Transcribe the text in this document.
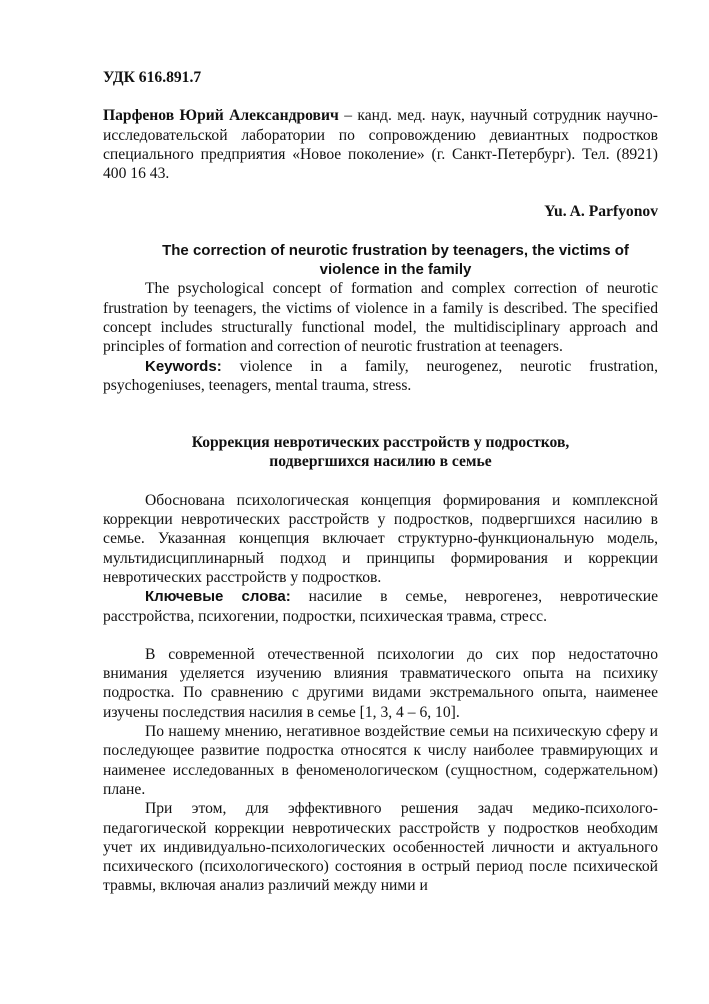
УДК 616.891.7

Парфенов Юрий Александрович – канд. мед. наук, научный сотрудник научно-исследовательской лаборатории по сопровождению девиантных подростков специального предприятия «Новое поколение» (г. Санкт-Петербург). Тел. (8921) 400 16 43.

Yu. A. Parfyonov

The correction of neurotic frustration by teenagers, the victims of
violence in the family

The psychological concept of formation and complex correction of neurotic frustration by teenagers, the victims of violence in a family is described. The specified concept includes structurally functional model, the multidisciplinary approach and principles of formation and correction of neurotic frustration at teenagers.

Keywords: violence in a family, neurogenez, neurotic frustration, psychogeniuses, teenagers, mental trauma, stress.

Коррекция невротических расстройств у подростков,
подвергшихся насилию в семье

Обоснована психологическая концепция формирования и комплексной коррекции невротических расстройств у подростков, подвергшихся насилию в семье. Указанная концепция включает структурно-функциональную модель, мультидисциплинарный подход и принципы формирования и коррекции невротических расстройств у подростков.

Ключевые слова: насилие в семье, неврогенез, невротические расстройства, психогении, подростки, психическая травма, стресс.

В современной отечественной психологии до сих пор недостаточно внимания уделяется изучению влияния травматического опыта на психику подростка. По сравнению с другими видами экстремального опыта, наименее изучены последствия насилия в семье [1, 3, 4 – 6, 10].

По нашему мнению, негативное воздействие семьи на психическую сферу и последующее развитие подростка относятся к числу наиболее травмирующих и наименее исследованных в феноменологическом (сущностном, содержательном) плане.

При этом, для эффективного решения задач медико-психолого-педагогической коррекции невротических расстройств у подростков необходим учет их индивидуально-психологических особенностей личности и актуального психического (психологического) состояния в острый период после психической травмы, включая анализ различий между ними и
